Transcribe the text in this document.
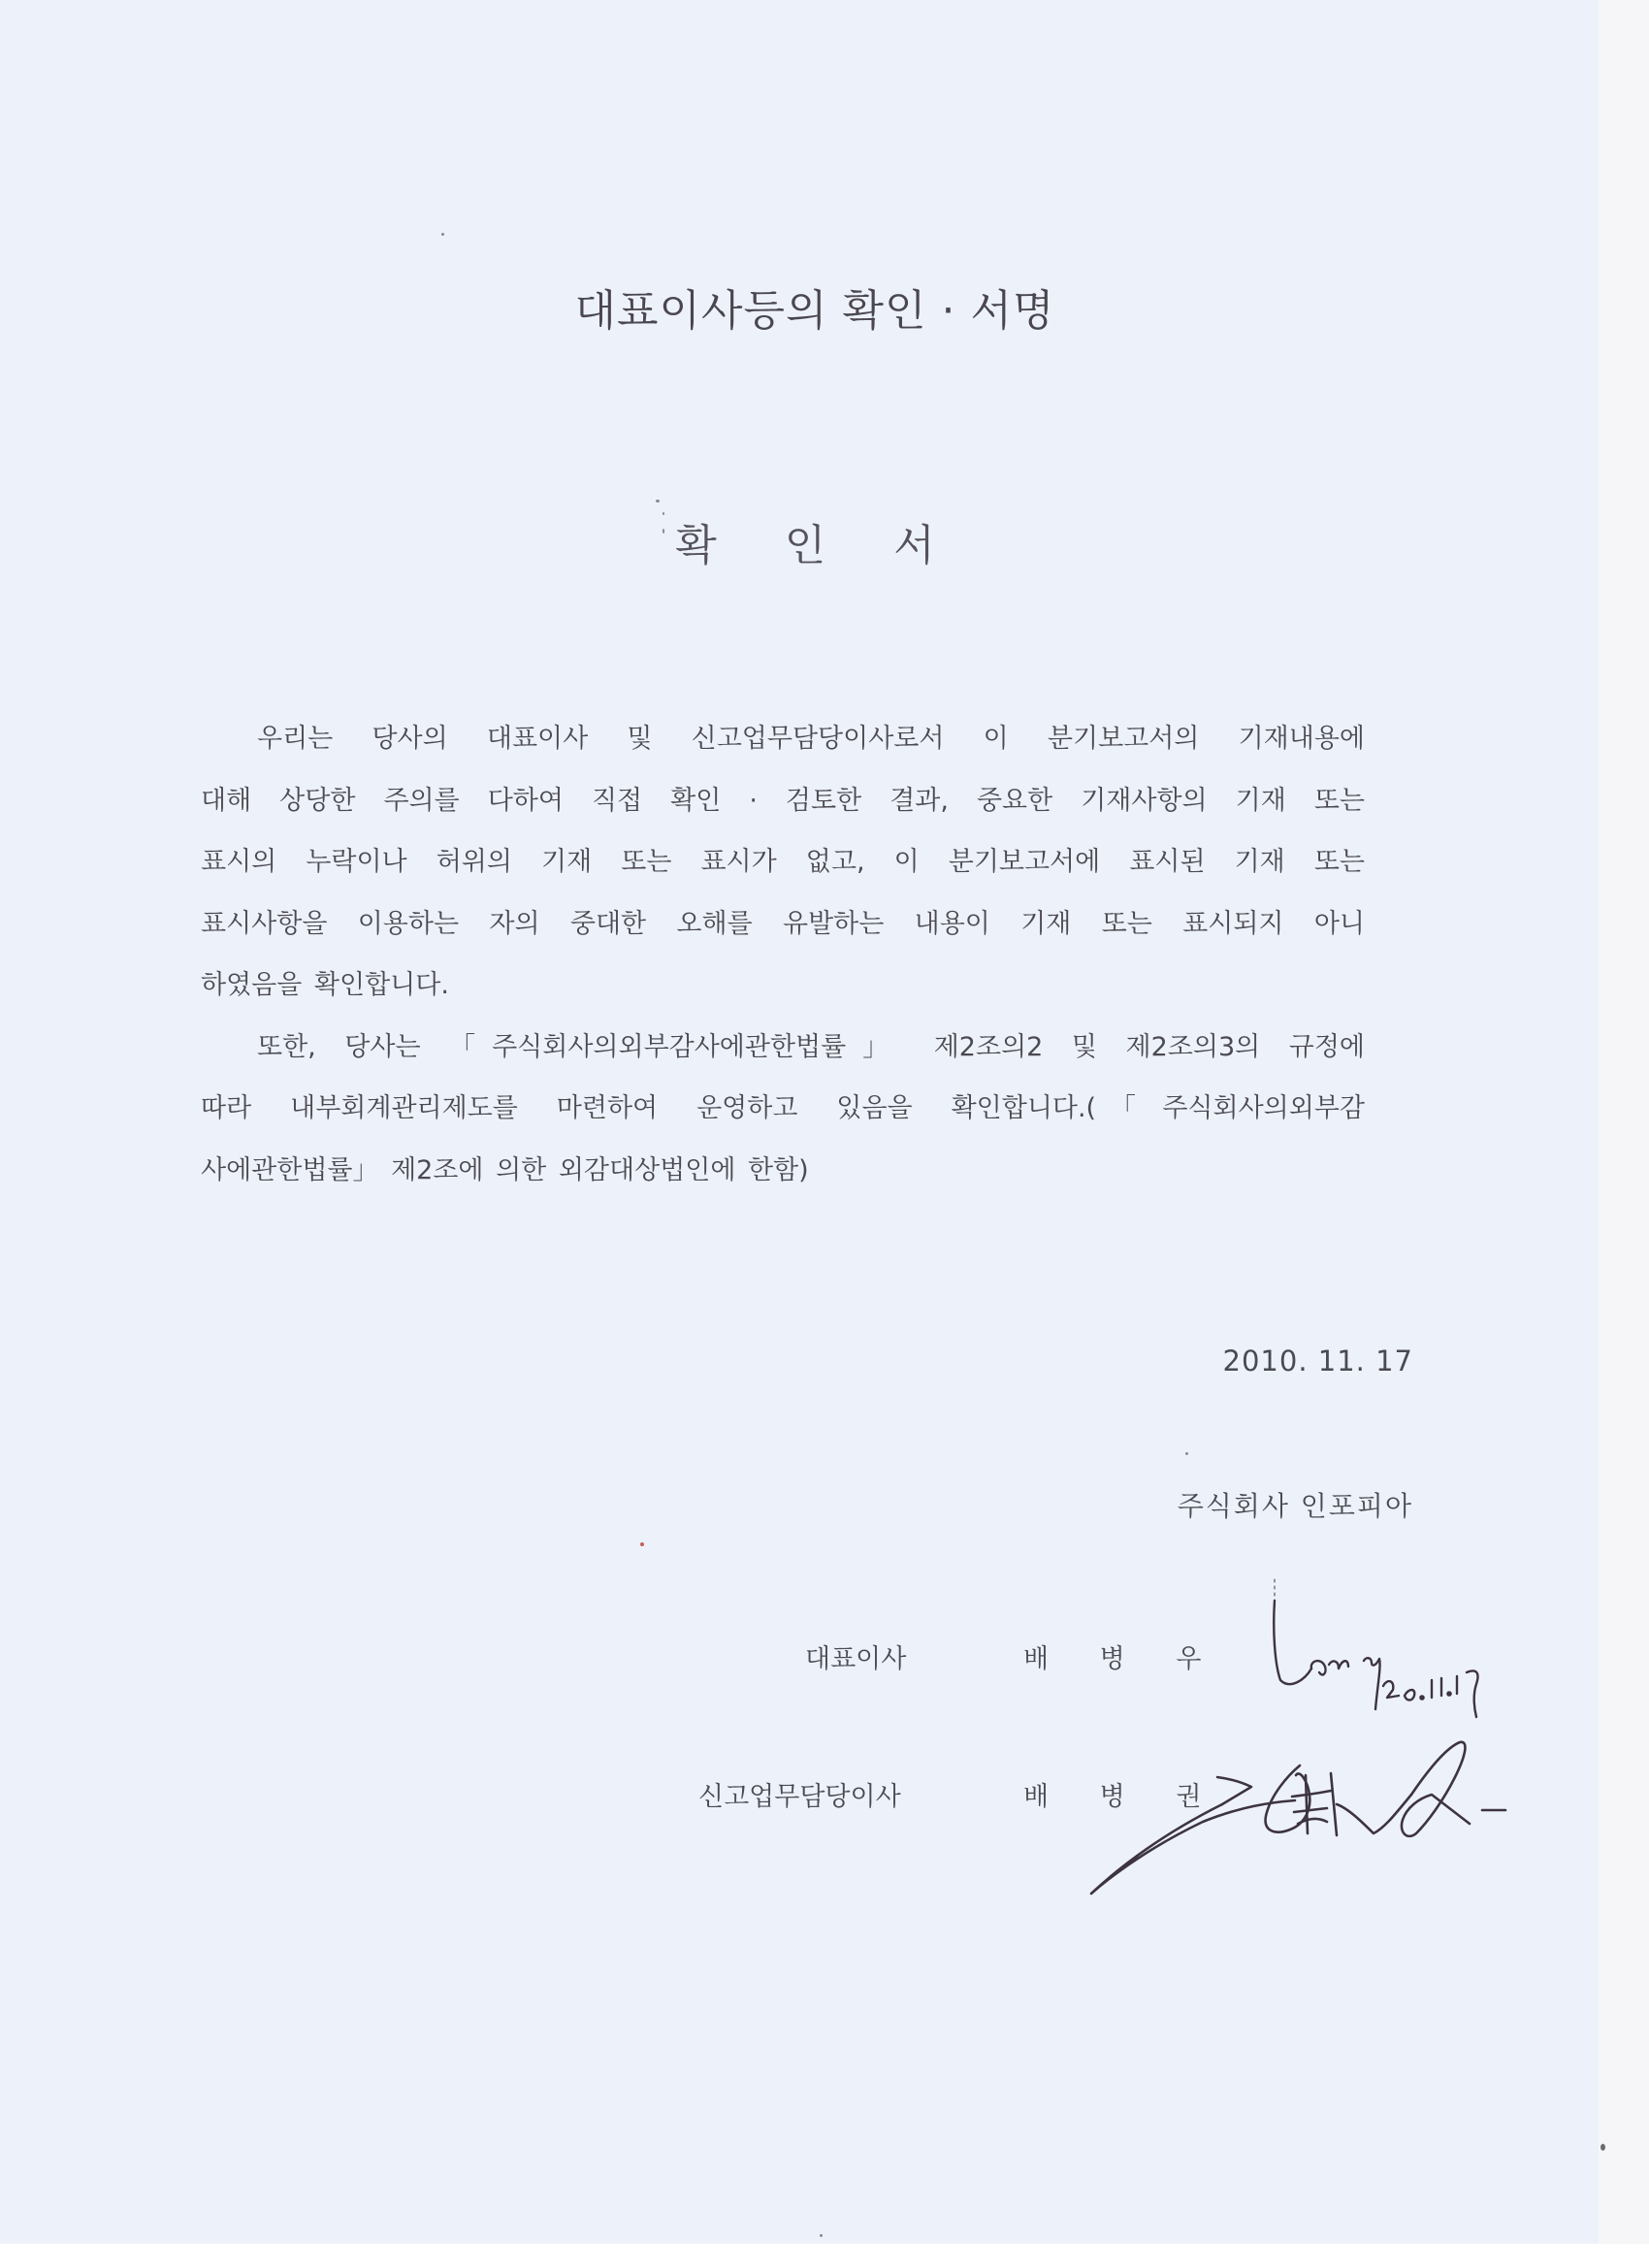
대표이사등의 확인 · 서명
확 인 서

우리는 당사의 대표이사 및 신고업무담당이사로서 이 분기보고서의 기재내용에
대해 상당한 주의를 다하여 직접 확인 · 검토한 결과, 중요한 기재사항의 기재 또는
표시의 누락이나 허위의 기재 또는 표시가 없고, 이 분기보고서에 표시된 기재 또는
표시사항을 이용하는 자의 중대한 오해를 유발하는 내용이 기재 또는 표시되지 아니
하였음을 확인합니다.

또한, 당사는 「주식회사의외부감사에관한법률」 제2조의2 및 제2조의3의 규정에
따라 내부회계관리제도를 마련하여 운영하고 있음을 확인합니다.(「주식회사의외부감
사에관한법률」 제2조에 의한 외감대상법인에 한함)

2010. 11. 17
주식회사 인포피아
대표이사	배 병 우
신고업무담당이사	배 병 권
